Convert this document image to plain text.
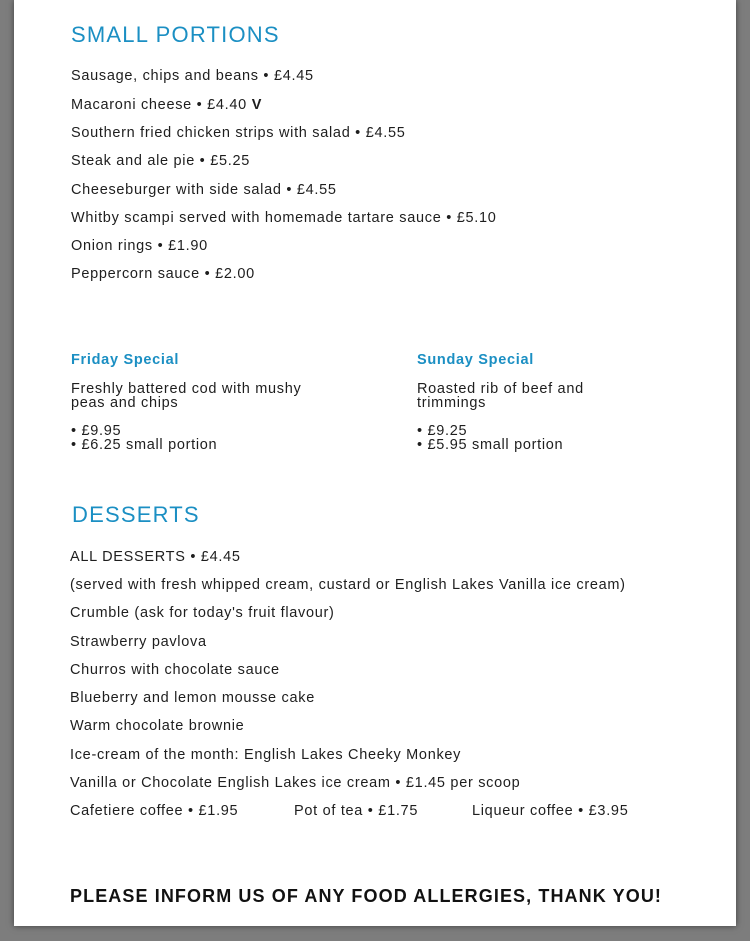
SMALL PORTIONS
Sausage, chips and beans • £4.45
Macaroni cheese • £4.40 V
Southern fried chicken strips with salad • £4.55
Steak and ale pie • £5.25
Cheeseburger with side salad • £4.55
Whitby scampi served with homemade tartare sauce • £5.10
Onion rings • £1.90
Peppercorn sauce • £2.00
Friday Special
Freshly battered cod with mushy peas and chips
• £9.95
• £6.25 small portion
Sunday Special
Roasted rib of beef and trimmings
• £9.25
• £5.95 small portion
DESSERTS
ALL DESSERTS • £4.45
(served with fresh whipped cream, custard or English Lakes Vanilla ice cream)
Crumble (ask for today's fruit flavour)
Strawberry pavlova
Churros with chocolate sauce
Blueberry and lemon mousse cake
Warm chocolate brownie
Ice-cream of the month: English Lakes Cheeky Monkey
Vanilla or Chocolate English Lakes ice cream • £1.45 per scoop
Cafetiere coffee • £1.95	Pot of tea • £1.75	Liqueur coffee • £3.95
PLEASE INFORM US OF ANY FOOD ALLERGIES, THANK YOU!
